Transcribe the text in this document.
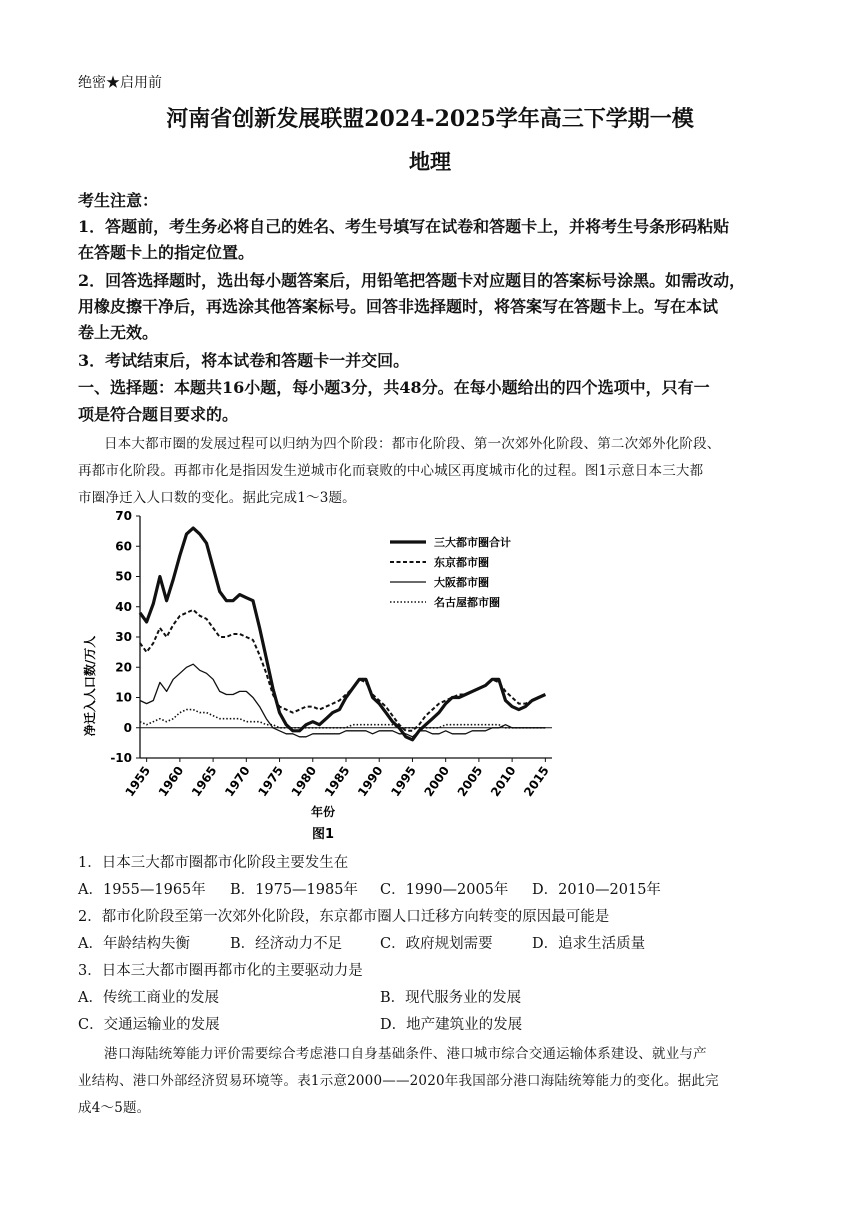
绝密★启用前
河南省创新发展联盟2024-2025学年高三下学期一模
地理
考生注意：
1．答题前，考生务必将自己的姓名、考生号填写在试卷和答题卡上，并将考生号条形码粘贴
在答题卡上的指定位置。
2．回答选择题时，选出每小题答案后，用铅笔把答题卡对应题目的答案标号涂黑。如需改动，
用橡皮擦干净后，再选涂其他答案标号。回答非选择题时，将答案写在答题卡上。写在本试
卷上无效。
3．考试结束后，将本试卷和答题卡一并交回。
一、选择题：本题共16小题，每小题3分，共48分。在每小题给出的四个选项中，只有一
项是符合题目要求的。
日本大都市圈的发展过程可以归纳为四个阶段：都市化阶段、第一次郊外化阶段、第二次郊外化阶段、
再都市化阶段。再都市化是指因发生逆城市化而衰败的中心城区再度城市化的过程。图1示意日本三大都
市圈净迁入人口数的变化。据此完成1～3题。
70
60
50
40
30
20
10
0
-10
1955 1960 1965 1970 1975 1980 1985 1990 1995 2000 2005 2010 2015
三大都市圈合计
东京都市圈
大阪都市圈
名古屋都市圈
净迁入人口数/万人
年份
图1
1．日本三大都市圈都市化阶段主要发生在
A．1955—1965年 B．1975—1985年 C．1990—2005年 D．2010—2015年
2．都市化阶段至第一次郊外化阶段，东京都市圈人口迁移方向转变的原因最可能是
A．年龄结构失衡	B．经济动力不足	C．政府规划需要	D．追求生活质量
3．日本三大都市圈再都市化的主要驱动力是
A．传统工商业的发展	B．现代服务业的发展
C．交通运输业的发展	D．地产建筑业的发展
港口海陆统筹能力评价需要综合考虑港口自身基础条件、港口城市综合交通运输体系建设、就业与产
业结构、港口外部经济贸易环境等。表1示意2000——2020年我国部分港口海陆统筹能力的变化。据此完
成4～5题。
